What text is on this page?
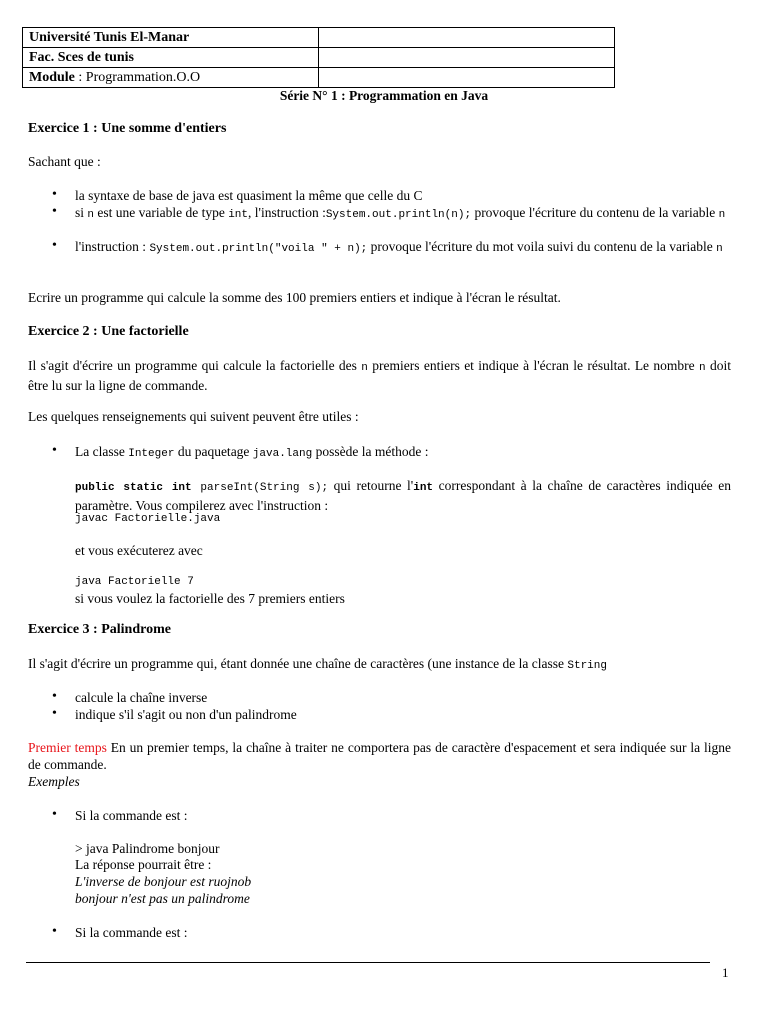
Université Tunis El-Manar	
Fac. Sces de tunis	
Module : Programmation.O.O	
Série N° 1 : Programmation en Java
Exercice 1 : Une somme d'entiers
Sachant que :
• la syntaxe de base de java est quasiment la même que celle du C
• si n est une variable de type int, l'instruction :System.out.println(n); provoque l'écriture du contenu de la variable n
• l'instruction : System.out.println("voila " + n); provoque l'écriture du mot voila suivi du contenu de la variable n
Ecrire un programme qui calcule la somme des 100 premiers entiers et indique à l'écran le résultat.
Exercice 2 : Une factorielle
Il s'agit d'écrire un programme qui calcule la factorielle des n premiers entiers et indique à l'écran le résultat. Le nombre n doit être lu sur la ligne de commande.
Les quelques renseignements qui suivent peuvent être utiles :
• La classe Integer du paquetage java.lang possède la méthode :
public static int parseInt(String s); qui retourne l'int correspondant à la chaîne de caractères indiquée en paramètre. Vous compilerez avec l'instruction :
javac Factorielle.java
et vous exécuterez avec
java Factorielle 7
si vous voulez la factorielle des 7 premiers entiers
Exercice 3 : Palindrome
Il s'agit d'écrire un programme qui, étant donnée une chaîne de caractères (une instance de la classe String
• calcule la chaîne inverse
• indique s'il s'agit ou non d'un palindrome
Premier temps En un premier temps, la chaîne à traiter ne comportera pas de caractère d'espacement et sera indiquée sur la ligne de commande.
Exemples
• Si la commande est :
> java Palindrome bonjour
La réponse pourrait être :
L'inverse de bonjour est ruojnob
bonjour n'est pas un palindrome
• Si la commande est :
1
